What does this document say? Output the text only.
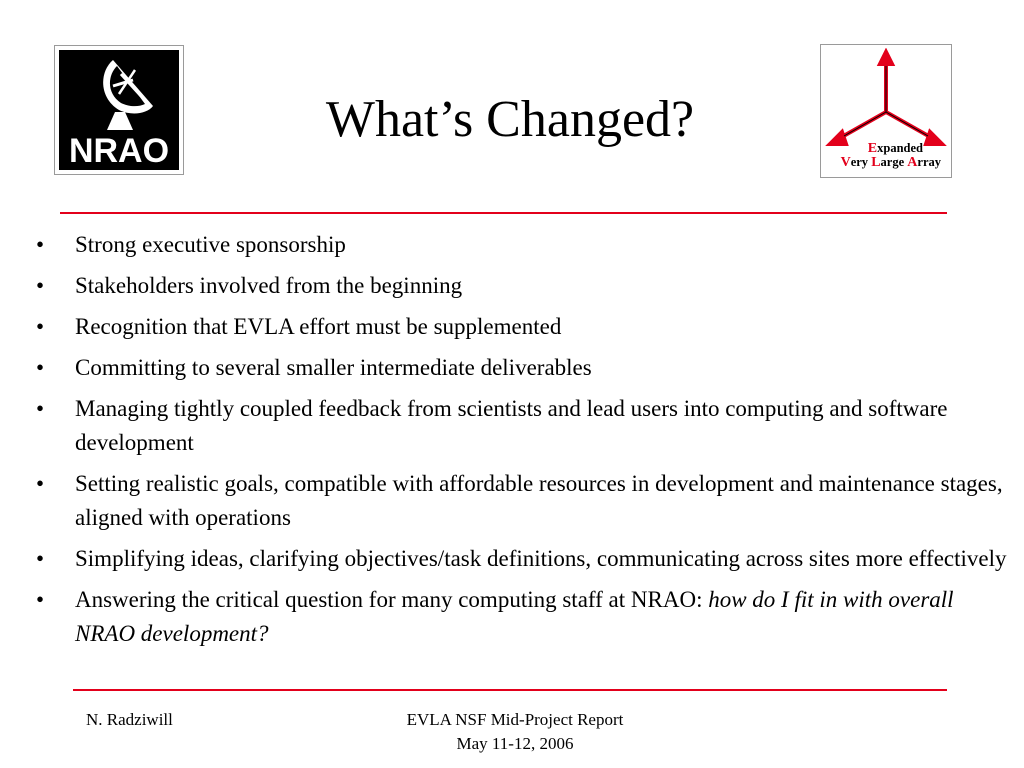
NRAO
What’s Changed?
Expanded
Very Large Array
• Strong executive sponsorship
• Stakeholders involved from the beginning
• Recognition that EVLA effort must be supplemented
• Committing to several smaller intermediate deliverables
• Managing tightly coupled feedback from scientists and lead users into computing and software development
• Setting realistic goals, compatible with affordable resources in development and maintenance stages, aligned with operations
• Simplifying ideas, clarifying objectives/task definitions, communicating across sites more effectively
• Answering the critical question for many computing staff at NRAO: how do I fit in with overall NRAO development?
N. Radziwill	EVLA NSF Mid-Project Report
May 11-12, 2006
